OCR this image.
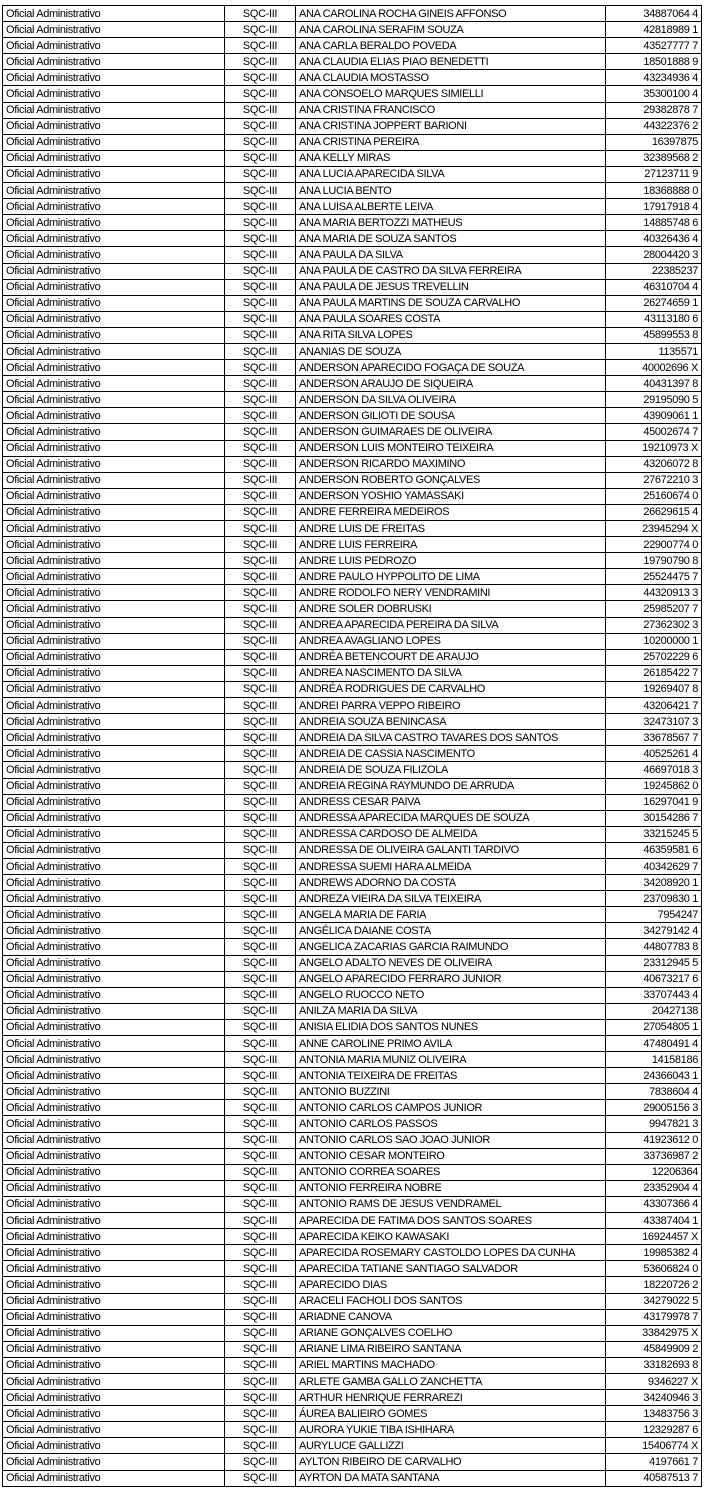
Oficial Administrativo	SQC-III	ANA CAROLINA ROCHA GINEIS AFFONSO	34887064 4
Oficial Administrativo	SQC-III	ANA CAROLINA SERAFIM SOUZA	42818989 1
Oficial Administrativo	SQC-III	ANA CARLA BERALDO POVEDA	43527777 7
Oficial Administrativo	SQC-III	ANA CLAUDIA ELIAS PIAO BENEDETTI	18501888 9
Oficial Administrativo	SQC-III	ANA CLAUDIA MOSTASSO	43234936 4
Oficial Administrativo	SQC-III	ANA CONSOELO MARQUES SIMIELLI	35300100 4
Oficial Administrativo	SQC-III	ANA CRISTINA FRANCISCO	29382878 7
Oficial Administrativo	SQC-III	ANA CRISTINA JOPPERT BARIONI	44322376 2
Oficial Administrativo	SQC-III	ANA CRISTINA PEREIRA	16397875
Oficial Administrativo	SQC-III	ANA KELLY MIRAS	32389568 2
Oficial Administrativo	SQC-III	ANA LUCIA APARECIDA SILVA	27123711 9
Oficial Administrativo	SQC-III	ANA LUCIA BENTO	18368888 0
Oficial Administrativo	SQC-III	ANA LUISA ALBERTE LEIVA	17917918 4
Oficial Administrativo	SQC-III	ANA MARIA BERTOZZI MATHEUS	14885748 6
Oficial Administrativo	SQC-III	ANA MARIA DE SOUZA SANTOS	40326436 4
Oficial Administrativo	SQC-III	ANA PAULA DA SILVA	28004420 3
Oficial Administrativo	SQC-III	ANA PAULA DE CASTRO DA SILVA FERREIRA	22385237
Oficial Administrativo	SQC-III	ANA PAULA DE JESUS TREVELLIN	46310704 4
Oficial Administrativo	SQC-III	ANA PAULA MARTINS DE SOUZA CARVALHO	26274659 1
Oficial Administrativo	SQC-III	ANA PAULA SOARES COSTA	43113180 6
Oficial Administrativo	SQC-III	ANA RITA SILVA LOPES	45899553 8
Oficial Administrativo	SQC-III	ANANIAS DE SOUZA	1135571
Oficial Administrativo	SQC-III	ANDERSON APARECIDO FOGAÇA DE SOUZA	40002696 X
Oficial Administrativo	SQC-III	ANDERSON ARAUJO DE SIQUEIRA	40431397 8
Oficial Administrativo	SQC-III	ANDERSON DA SILVA OLIVEIRA	29195090 5
Oficial Administrativo	SQC-III	ANDERSON GILIOTI DE SOUSA	43909061 1
Oficial Administrativo	SQC-III	ANDERSON GUIMARAES DE OLIVEIRA	45002674 7
Oficial Administrativo	SQC-III	ANDERSON LUIS MONTEIRO TEIXEIRA	19210973 X
Oficial Administrativo	SQC-III	ANDERSON RICARDO MAXIMINO	43206072 8
Oficial Administrativo	SQC-III	ANDERSON ROBERTO GONÇALVES	27672210 3
Oficial Administrativo	SQC-III	ANDERSON YOSHIO YAMASSAKI	25160674 0
Oficial Administrativo	SQC-III	ANDRE FERREIRA MEDEIROS	26629615 4
Oficial Administrativo	SQC-III	ANDRE LUIS DE FREITAS	23945294 X
Oficial Administrativo	SQC-III	ANDRE LUIS FERREIRA	22900774 0
Oficial Administrativo	SQC-III	ANDRE LUIS PEDROZO	19790790 8
Oficial Administrativo	SQC-III	ANDRE PAULO HYPPOLITO DE LIMA	25524475 7
Oficial Administrativo	SQC-III	ANDRE RODOLFO NERY VENDRAMINI	44320913 3
Oficial Administrativo	SQC-III	ANDRE SOLER DOBRUSKI	25985207 7
Oficial Administrativo	SQC-III	ANDREA APARECIDA PEREIRA DA SILVA	27362302 3
Oficial Administrativo	SQC-III	ANDREA AVAGLIANO LOPES	10200000 1
Oficial Administrativo	SQC-III	ANDRÉA BETENCOURT DE ARAUJO	25702229 6
Oficial Administrativo	SQC-III	ANDREA NASCIMENTO DA SILVA	26185422 7
Oficial Administrativo	SQC-III	ANDRÉA RODRIGUES DE CARVALHO	19269407 8
Oficial Administrativo	SQC-III	ANDREI PARRA VEPPO RIBEIRO	43206421 7
Oficial Administrativo	SQC-III	ANDREIA SOUZA BENINCASA	32473107 3
Oficial Administrativo	SQC-III	ANDREIA DA SILVA CASTRO TAVARES DOS SANTOS	33678567 7
Oficial Administrativo	SQC-III	ANDREIA DE CASSIA NASCIMENTO	40525261 4
Oficial Administrativo	SQC-III	ANDREIA DE SOUZA FILIZOLA	46697018 3
Oficial Administrativo	SQC-III	ANDREIA REGINA RAYMUNDO DE ARRUDA	19245862 0
Oficial Administrativo	SQC-III	ANDRESS CESAR PAIVA	16297041 9
Oficial Administrativo	SQC-III	ANDRESSA APARECIDA MARQUES DE SOUZA	30154286 7
Oficial Administrativo	SQC-III	ANDRESSA CARDOSO DE ALMEIDA	33215245 5
Oficial Administrativo	SQC-III	ANDRESSA DE OLIVEIRA GALANTI TARDIVO	46359581 6
Oficial Administrativo	SQC-III	ANDRESSA SUEMI HARA ALMEIDA	40342629 7
Oficial Administrativo	SQC-III	ANDREWS ADORNO DA COSTA	34208920 1
Oficial Administrativo	SQC-III	ANDREZA VIEIRA DA SILVA TEIXEIRA	23709830 1
Oficial Administrativo	SQC-III	ANGELA MARIA DE FARIA	7954247
Oficial Administrativo	SQC-III	ANGÉLICA DAIANE COSTA	34279142 4
Oficial Administrativo	SQC-III	ANGELICA ZACARIAS GARCIA RAIMUNDO	44807783 8
Oficial Administrativo	SQC-III	ANGELO ADALTO NEVES DE OLIVEIRA	23312945 5
Oficial Administrativo	SQC-III	ANGELO APARECIDO FERRARO JUNIOR	40673217 6
Oficial Administrativo	SQC-III	ANGELO RUOCCO NETO	33707443 4
Oficial Administrativo	SQC-III	ANILZA MARIA DA SILVA	20427138
Oficial Administrativo	SQC-III	ANISIA ELIDIA DOS SANTOS NUNES	27054805 1
Oficial Administrativo	SQC-III	ANNE CAROLINE PRIMO AVILA	47480491 4
Oficial Administrativo	SQC-III	ANTONIA MARIA MUNIZ OLIVEIRA	14158186
Oficial Administrativo	SQC-III	ANTONIA TEIXEIRA DE FREITAS	24366043 1
Oficial Administrativo	SQC-III	ANTONIO BUZZINI	7838604 4
Oficial Administrativo	SQC-III	ANTONIO CARLOS CAMPOS JUNIOR	29005156 3
Oficial Administrativo	SQC-III	ANTONIO CARLOS PASSOS	9947821 3
Oficial Administrativo	SQC-III	ANTONIO CARLOS SAO JOAO JUNIOR	41923612 0
Oficial Administrativo	SQC-III	ANTONIO CESAR MONTEIRO	33736987 2
Oficial Administrativo	SQC-III	ANTONIO CORREA SOARES	12206364
Oficial Administrativo	SQC-III	ANTONIO FERREIRA NOBRE	23352904 4
Oficial Administrativo	SQC-III	ANTONIO RAMS DE JESUS VENDRAMEL	43307366 4
Oficial Administrativo	SQC-III	APARECIDA DE FATIMA DOS SANTOS SOARES	43387404 1
Oficial Administrativo	SQC-III	APARECIDA KEIKO KAWASAKI	16924457 X
Oficial Administrativo	SQC-III	APARECIDA ROSEMARY CASTOLDO LOPES DA CUNHA	19985382 4
Oficial Administrativo	SQC-III	APARECIDA TATIANE SANTIAGO SALVADOR	53606824 0
Oficial Administrativo	SQC-III	APARECIDO DIAS	18220726 2
Oficial Administrativo	SQC-III	ARACELI FACHOLI DOS SANTOS	34279022 5
Oficial Administrativo	SQC-III	ARIADNE CANOVA	43179978 7
Oficial Administrativo	SQC-III	ARIANE GONÇALVES COELHO	33842975 X
Oficial Administrativo	SQC-III	ARIANE LIMA RIBEIRO SANTANA	45849909 2
Oficial Administrativo	SQC-III	ARIEL MARTINS MACHADO	33182693 8
Oficial Administrativo	SQC-III	ARLETE GAMBA GALLO ZANCHETTA	9346227 X
Oficial Administrativo	SQC-III	ARTHUR HENRIQUE FERRAREZI	34240946 3
Oficial Administrativo	SQC-III	ÁUREA BALIEIRO GOMES	13483756 3
Oficial Administrativo	SQC-III	AURORA YUKIE TIBA ISHIHARA	12329287 6
Oficial Administrativo	SQC-III	AURYLUCE GALLIZZI	15406774 X
Oficial Administrativo	SQC-III	AYLTON RIBEIRO DE CARVALHO	4197661 7
Oficial Administrativo	SQC-III	AYRTON DA MATA SANTANA	40587513 7
